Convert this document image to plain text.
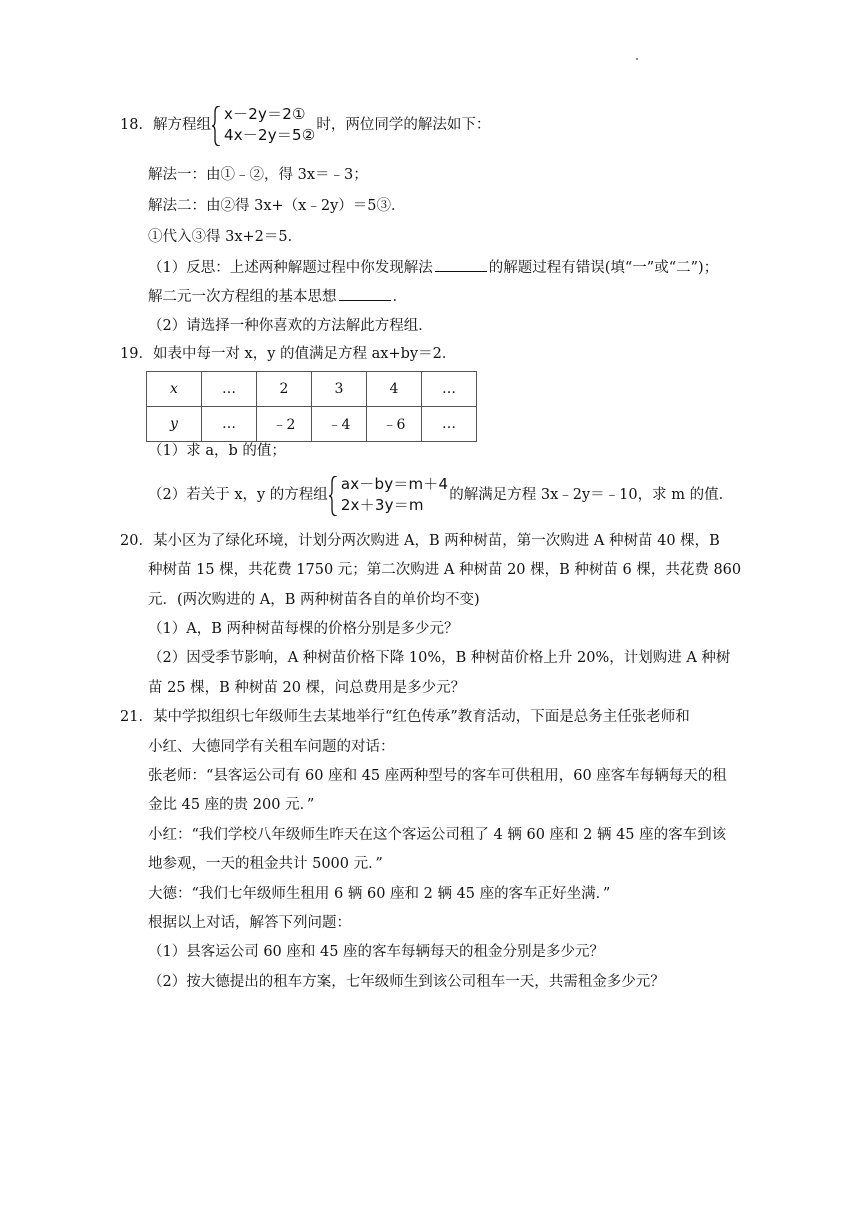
18．解方程组
x－2y＝2①
4x－2y＝5②
时，两位同学的解法如下：
解法一：由①﹣②，得 3x＝﹣3；
解法二：由②得 3x+（x﹣2y）＝5③．
①代入③得 3x+2＝5．
（1）反思：上述两种解题过程中你发现解法	的解题过程有错误(填“一”或“二”)；
解二元一次方程组的基本思想	．
（2）请选择一种你喜欢的方法解此方程组．
19．如表中每一对 x，y 的值满足方程 ax+by＝2．
x	…	2	3	4	…
y	…	﹣2	﹣4	﹣6	…
（1）求 a，b 的值；
（2）若关于 x，y 的方程组
ax－by＝m＋4
2x＋3y＝m
的解满足方程 3x﹣2y＝﹣10，求 m 的值．
20．某小区为了绿化环境，计划分两次购进 A，B 两种树苗，第一次购进 A 种树苗 40 棵，B
种树苗 15 棵，共花费 1750 元；第二次购进 A 种树苗 20 棵，B 种树苗 6 棵，共花费 860
元．(两次购进的 A，B 两种树苗各自的单价均不变)
（1）A，B 两种树苗每棵的价格分别是多少元？
（2）因受季节影响，A 种树苗价格下降 10%，B 种树苗价格上升 20%，计划购进 A 种树
苗 25 棵，B 种树苗 20 棵，问总费用是多少元？
21．某中学拟组织七年级师生去某地举行“红色传承”教育活动，下面是总务主任张老师和
小红、大德同学有关租车问题的对话：
张老师：“县客运公司有 60 座和 45 座两种型号的客车可供租用，60 座客车每辆每天的租
金比 45 座的贵 200 元．”
小红：“我们学校八年级师生昨天在这个客运公司租了 4 辆 60 座和 2 辆 45 座的客车到该
地参观，一天的租金共计 5000 元．”
大德：“我们七年级师生租用 6 辆 60 座和 2 辆 45 座的客车正好坐满．”
根据以上对话，解答下列问题：
（1）县客运公司 60 座和 45 座的客车每辆每天的租金分别是多少元？
（2）按大德提出的租车方案，七年级师生到该公司租车一天，共需租金多少元？
